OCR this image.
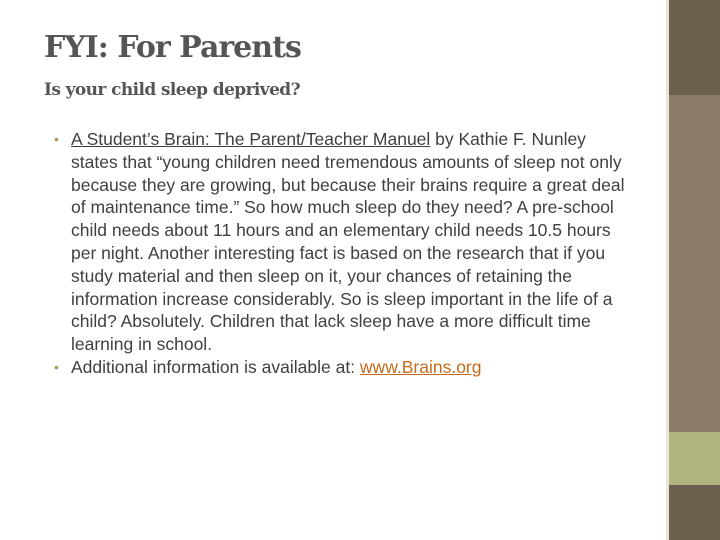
FYI: For Parents
Is your child sleep deprived?
• A Student’s Brain: The Parent/Teacher Manuel by Kathie F. Nunley states that “young children need tremendous amounts of sleep not only because they are growing, but because their brains require a great deal of maintenance time.” So how much sleep do they need? A pre-school child needs about 11 hours and an elementary child needs 10.5 hours per night. Another interesting fact is based on the research that if you study material and then sleep on it, your chances of retaining the information increase considerably. So is sleep important in the life of a child? Absolutely. Children that lack sleep have a more difficult time learning in school.
• Additional information is available at: www.Brains.org
